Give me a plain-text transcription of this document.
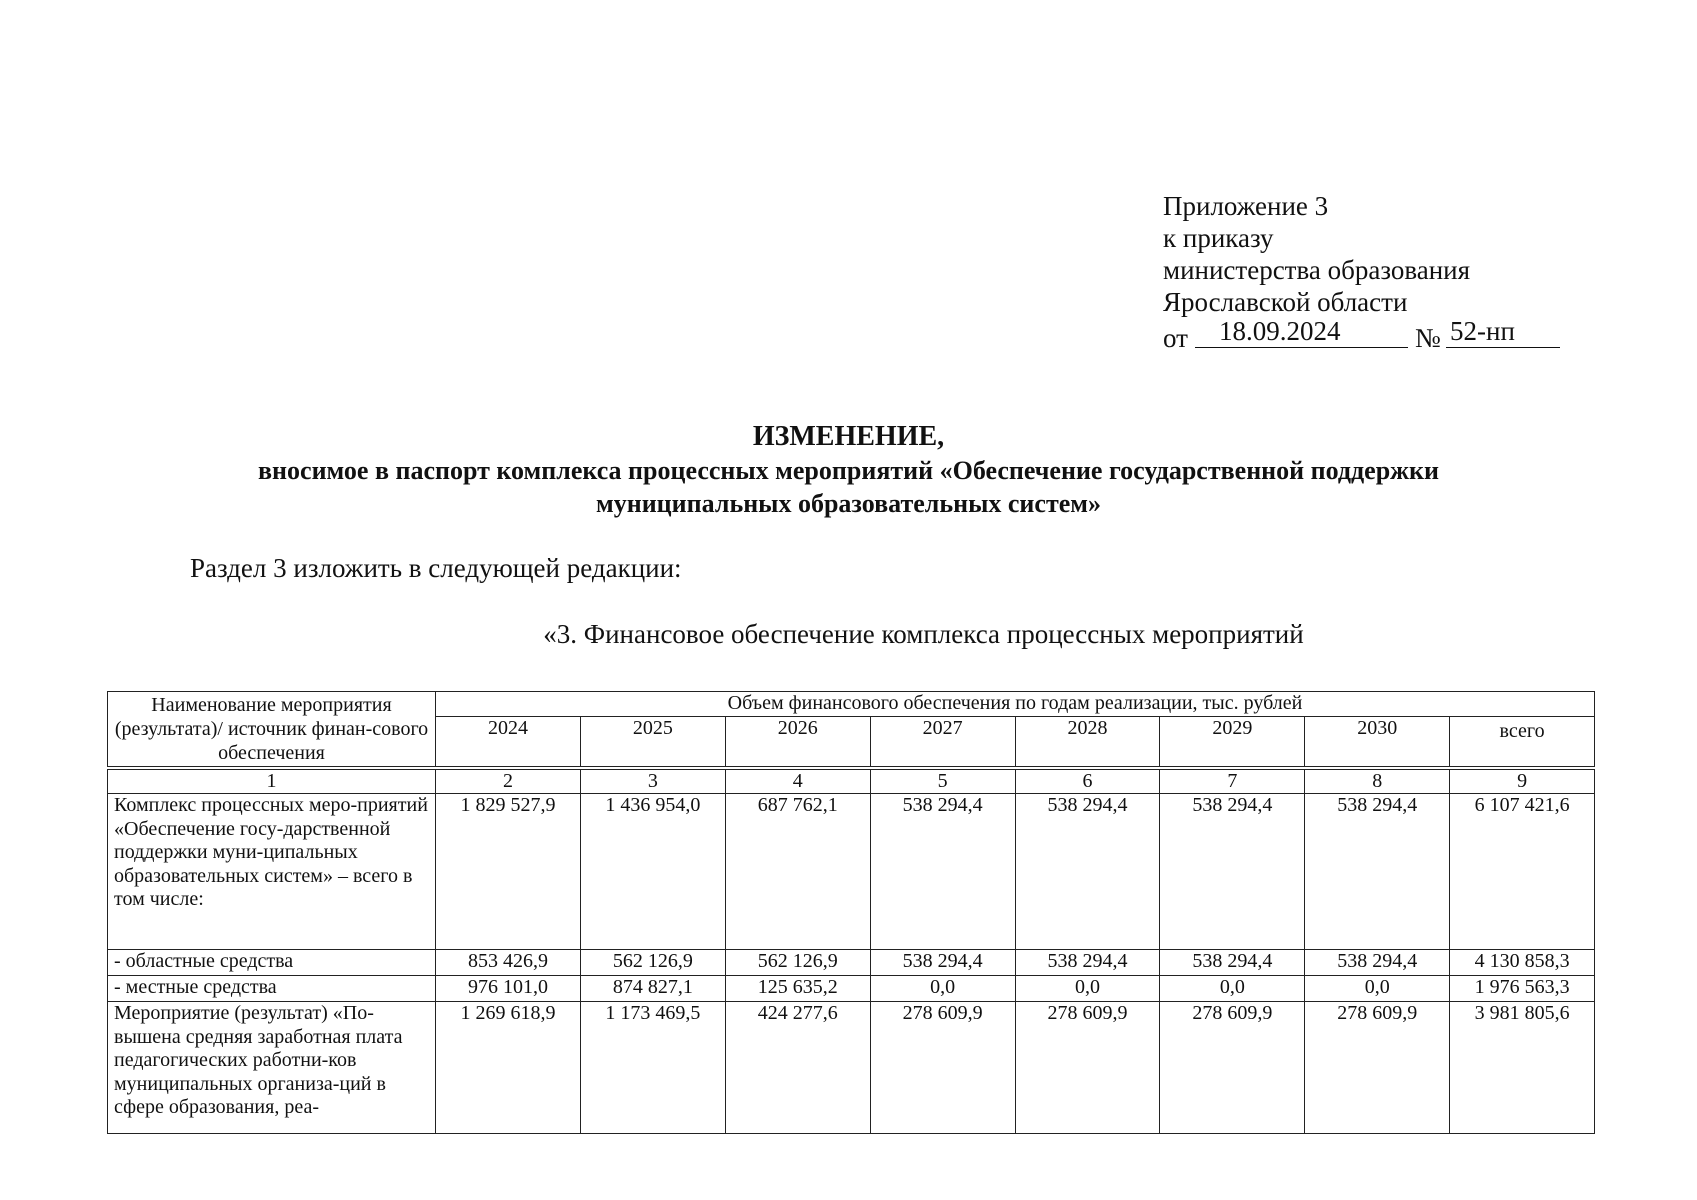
Приложение 3
к приказу
министерства образования
Ярославской области
от	18.09.2024	№ 52-нп
ИЗМЕНЕНИЕ,
вносимое в паспорт комплекса процессных мероприятий «Обеспечение государственной поддержки
муниципальных образовательных систем»
Раздел 3 изложить в следующей редакции:
«3. Финансовое обеспечение комплекса процессных мероприятий
Наименование мероприятия (результата)/ источник финан-сового обеспечения	Объем финансового обеспечения по годам реализации, тыс. рублей							
	2024	2025	2026	2027	2028	2029	2030	всего

1	2	3	4	5	6	7	8	9
Комплекс процессных меро-приятий «Обеспечение госу-дарственной поддержки муни-ципальных образовательных систем» – всего в том числе:	1 829 527,9	1 436 954,0	687 762,1	538 294,4	538 294,4	538 294,4	538 294,4	6 107 421,6
- областные средства	853 426,9	562 126,9	562 126,9	538 294,4	538 294,4	538 294,4	538 294,4	4 130 858,3
- местные средства	976 101,0	874 827,1	125 635,2	0,0	0,0	0,0	0,0	1 976 563,3
Мероприятие (результат) «По-вышена средняя заработная плата педагогических работни-ков муниципальных организа-ций в сфере образования, реа-	1 269 618,9	1 173 469,5	424 277,6	278 609,9	278 609,9	278 609,9	278 609,9	3 981 805,6
